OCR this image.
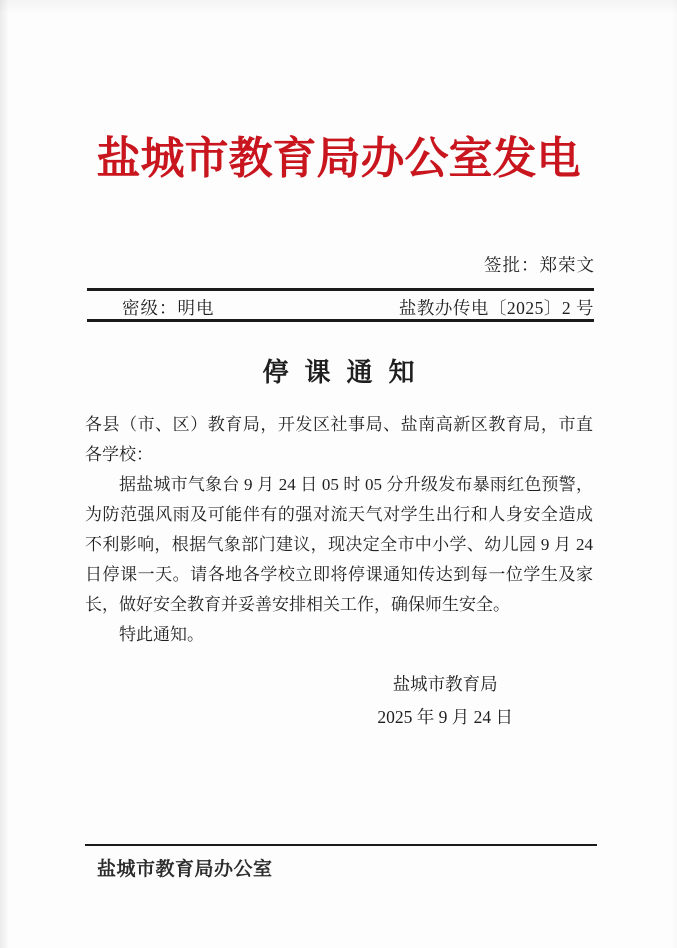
盐城市教育局办公室发电
签批：郑荣文
密级：明电	盐教办传电〔2025〕2 号
停课通知

各县（市、区）教育局，开发区社事局、盐南高新区教育局，市直各学校：

据盐城市气象台 9 月 24 日 05 时 05 分升级发布暴雨红色预警，为防范强风雨及可能伴有的强对流天气对学生出行和人身安全造成不利影响，根据气象部门建议，现决定全市中小学、幼儿园 9 月 24 日停课一天。请各地各学校立即将停课通知传达到每一位学生及家长，做好安全教育并妥善安排相关工作，确保师生安全。

特此通知。

盐城市教育局
2025 年 9 月 24 日
盐城市教育局办公室
